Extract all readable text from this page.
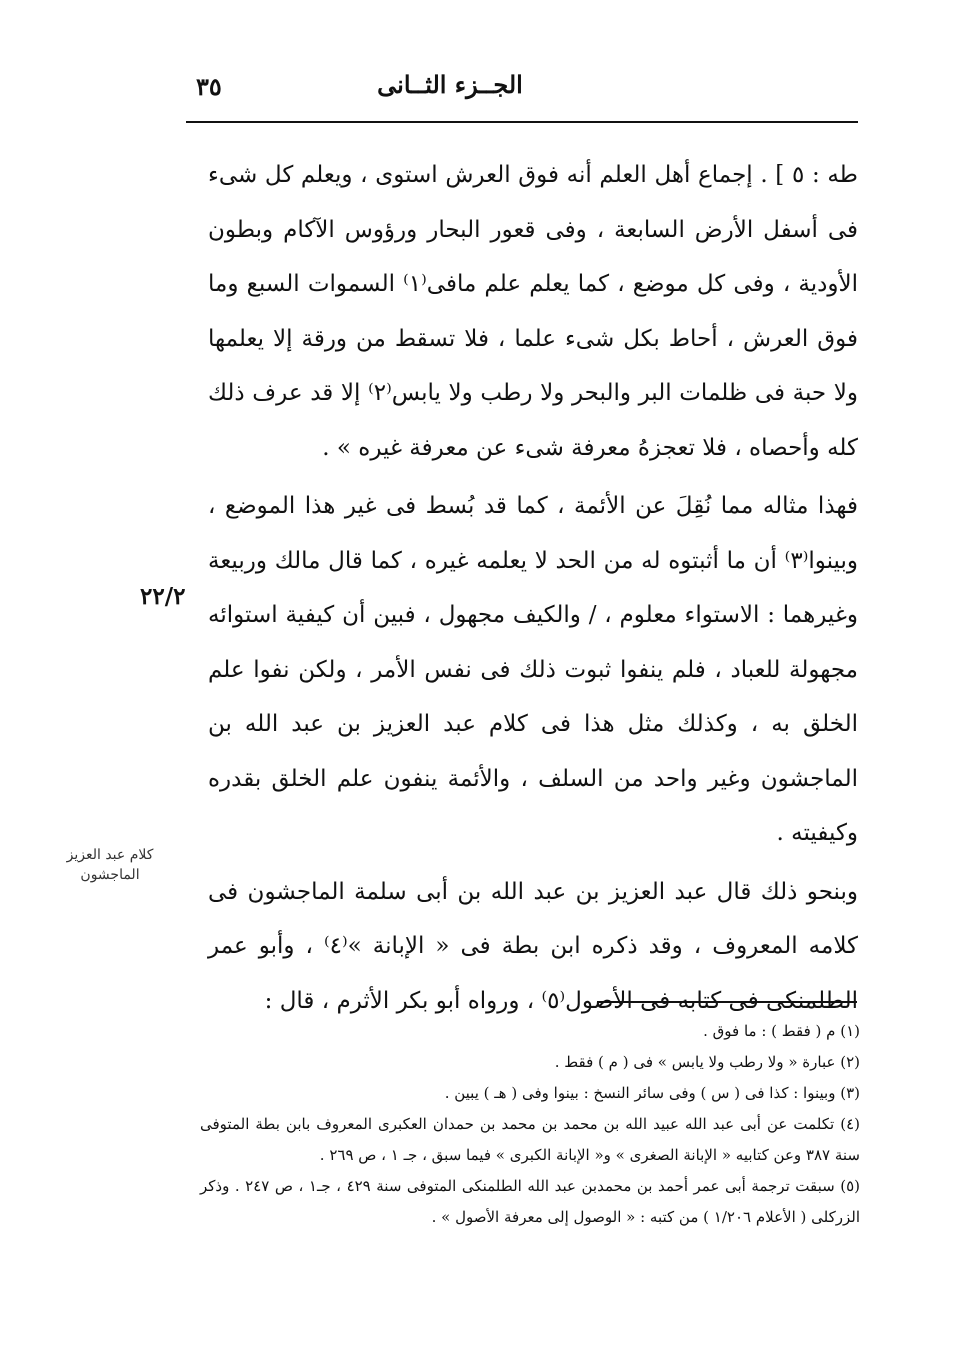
٣٥	الجــزء الثــانى
٢٢/٢
كلام عبد العزيز الماجشون

طه : ٥ ] . إجماع أهل العلم أنه فوق العرش استوى ، ويعلم كل شىء فى أسفل الأرض السابعة ، وفى قعور البحار ورؤوس الآكام وبطون الأودية ، وفى كل موضع ، كما يعلم علم مافى⁽١⁾ السموات السبع وما فوق العرش ، أحاط بكل شىء علما ، فلا تسقط من ورقة إلا يعلمها ولا حبة فى ظلمات البر والبحر ولا رطب ولا يابس⁽٢⁾ إلا قد عرف ذلك كله وأحصاه ، فلا تعجزهُ معرفة شىء عن معرفة غيره » .

فهذا مثاله مما نُقِلَ عن الأئمة ، كما قد بُسط فى غير هذا الموضع ، وبينوا⁽٣⁾ أن ما أثبتوه له من الحد لا يعلمه غيره ، كما قال مالك وربيعة وغيرهما : الاستواء معلوم ، / والكيف مجهول ، فبين أن كيفية استوائه مجهولة للعباد ، فلم ينفوا ثبوت ذلك فى نفس الأمر ، ولكن نفوا علم الخلق به ، وكذلك مثل هذا فى كلام عبد العزيز بن عبد الله بن الماجشون وغير واحد من السلف ، والأئمة ينفون علم الخلق بقدره وكيفيته .

وبنحو ذلك قال عبد العزيز بن عبد الله بن أبى سلمة الماجشون فى كلامه المعروف ، وقد ذكره ابن بطة فى « الإبانة »⁽٤⁾ ، وأبو عمر الطلمنكى فى كتابه فى الأصول⁽٥⁾ ، ورواه أبو بكر الأثرم ، قال :

(١) م ( فقط ) : ما فوق .

(٢) عبارة « ولا رطب ولا يابس » فى ( م ) فقط .

(٣) وبينوا : كذا فى ( س ) وفى سائر النسخ : بينوا وفى ( هـ ) يبين .

(٤) تكلمت عن أبى عبد الله عبيد الله بن محمد بن محمد بن حمدان العكبرى المعروف بابن بطة المتوفى سنة ٣٨٧ وعن كتابيه « الإبانة الصغرى » و« الإبانة الكبرى » فيما سبق ، جـ ١ ، ص ٢٦٩ .

(٥) سبقت ترجمة أبى عمر أحمد بن محمدبن عبد الله الطلمنكى المتوفى سنة ٤٢٩ ، جـ١ ، ص ٢٤٧ . وذكر الزركلى ( الأعلام ١/٢٠٦ ) من كتبه : « الوصول إلى معرفة الأصول » .
